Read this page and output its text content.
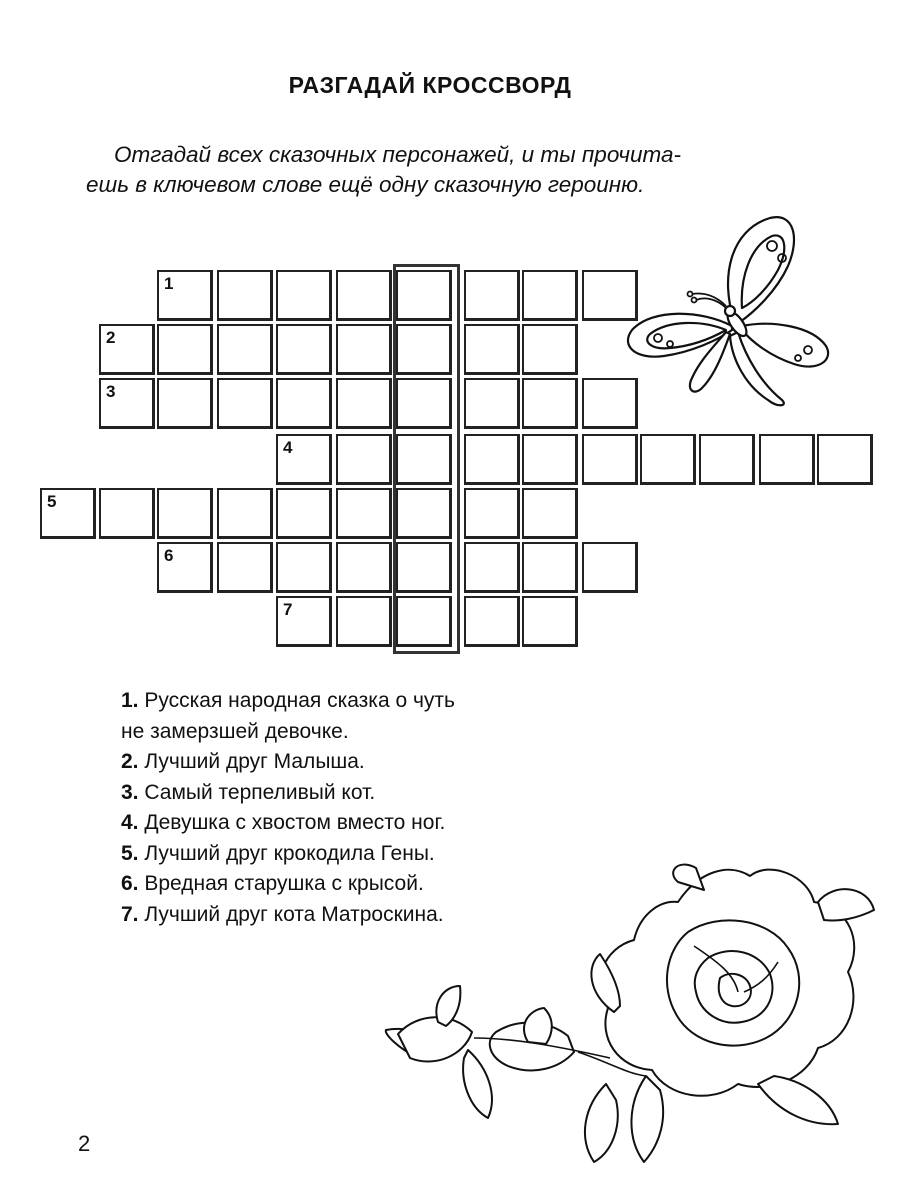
РАЗГАДАЙ КРОССВОРД
Отгадай всех сказочных персонажей, и ты прочита-
ешь в ключевом слове ещё одну сказочную героиню.
1
2
3
4
5
6
7
1. Русская народная сказка о чуть
не замерзшей девочке.
2. Лучший друг Малыша.
3. Самый терпеливый кот.
4. Девушка с хвостом вместо ног.
5. Лучший друг крокодила Гены.
6. Вредная старушка с крысой.
7. Лучший друг кота Матроскина.
2
